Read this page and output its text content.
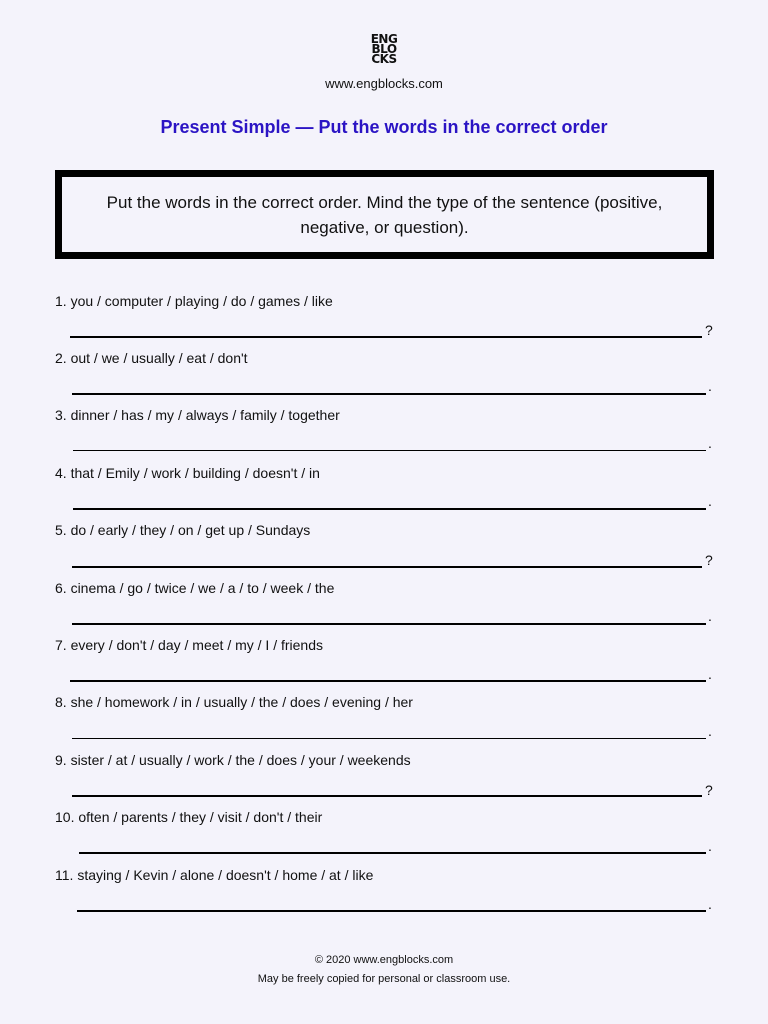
ENG
BLO
CKS
www.engblocks.com
Present Simple — Put the words in the correct order
Put the words in the correct order. Mind the type of the sentence (positive, negative, or question).
1. you / computer / playing / do / games / like
?
2. out / we / usually / eat / don't
.
3. dinner / has / my / always / family / together
.
4. that / Emily / work / building / doesn't / in
.
5. do / early / they / on / get up / Sundays
?
6. cinema / go / twice / we / a / to / week / the
.
7. every / don't / day / meet / my / I / friends
.
8. she / homework / in / usually / the / does / evening / her
.
9. sister / at / usually / work / the / does / your / weekends
?
10. often / parents / they / visit / don't / their
.
11. staying / Kevin / alone / doesn't / home / at / like
.
© 2020 www.engblocks.com
May be freely copied for personal or classroom use.
